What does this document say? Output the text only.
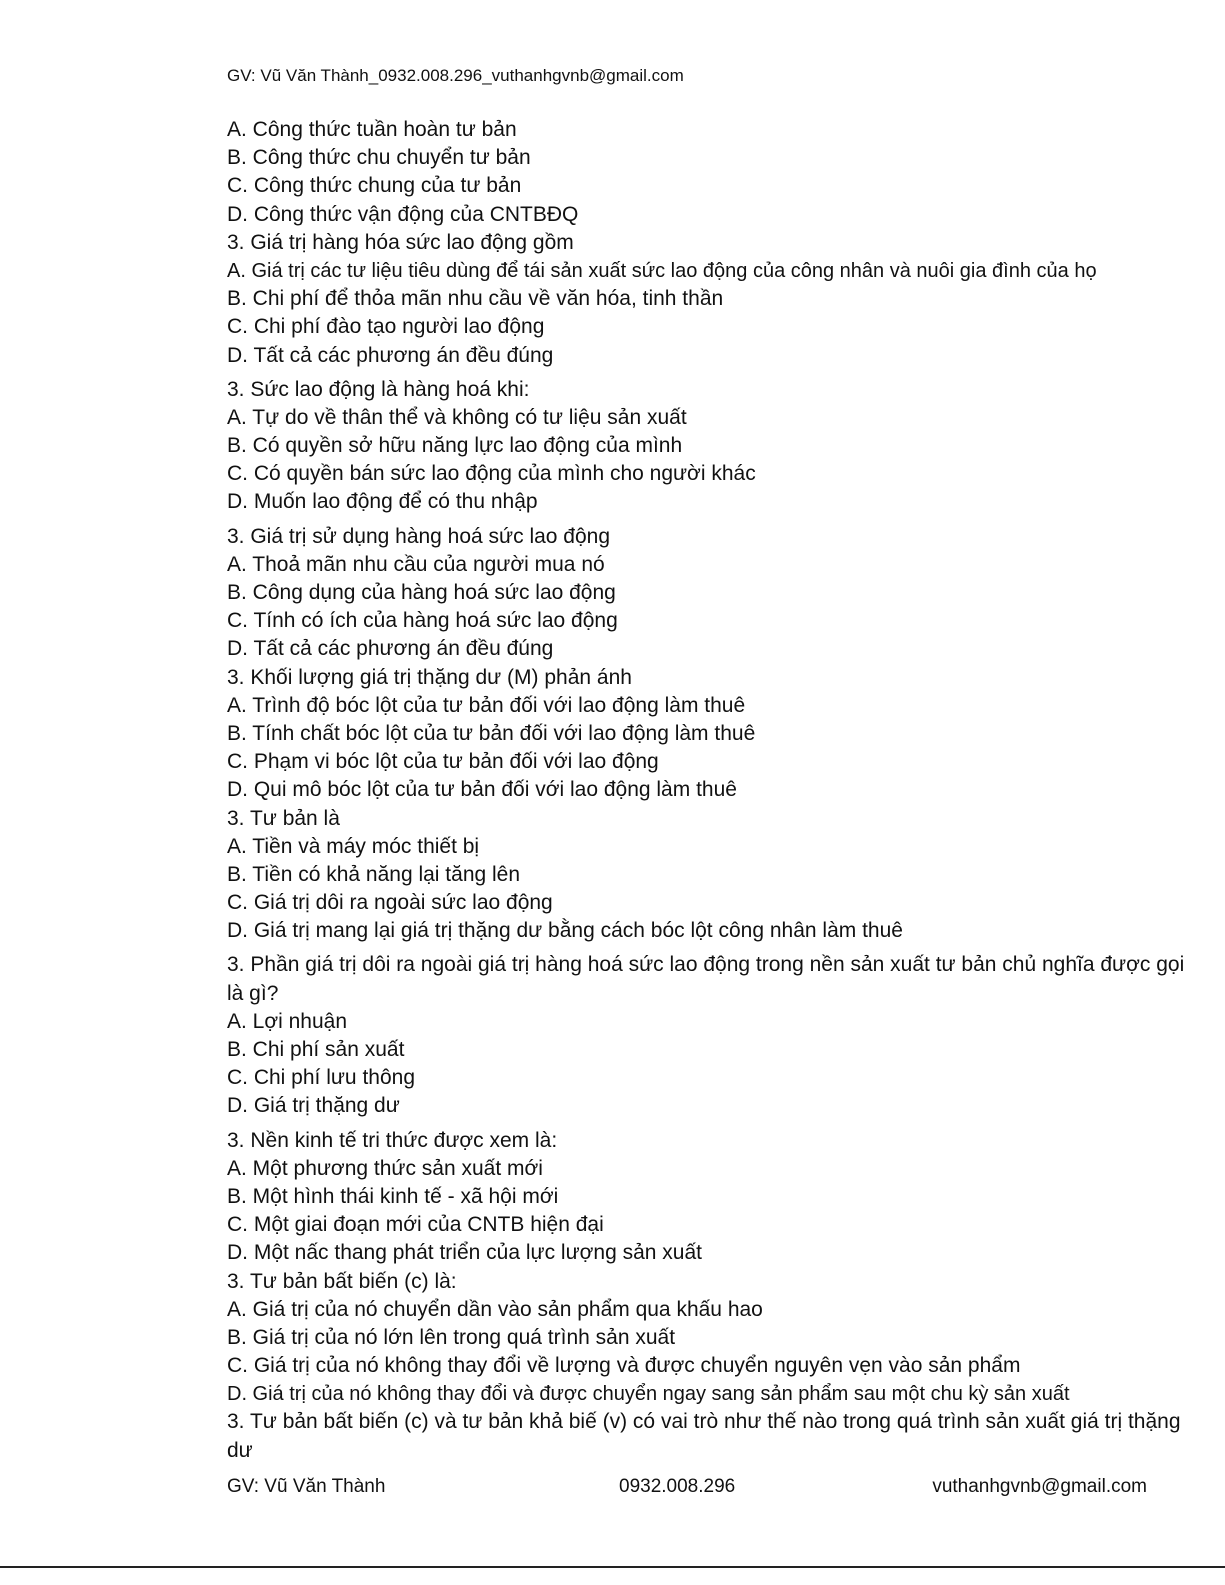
GV: Vũ Văn Thành_0932.008.296_vuthanhgvnb@gmail.com
A. Công thức tuần hoàn tư bản
B. Công thức chu chuyển tư bản
C. Công thức chung của tư bản
D. Công thức vận động của CNTBĐQ
3. Giá trị hàng hóa sức lao động gồm
A. Giá trị các tư liệu tiêu dùng để tái sản xuất sức lao động của công nhân và nuôi gia đình của họ
B. Chi phí để thỏa mãn nhu cầu về văn hóa, tinh thần
C. Chi phí đào tạo người lao động
D. Tất cả các phương án đều đúng
3. Sức lao động là hàng hoá khi:
A. Tự do về thân thể và không có tư liệu sản xuất
B. Có quyền sở hữu năng lực lao động của mình
C. Có quyền bán sức lao động của mình cho người khác
D. Muốn lao động để có thu nhập
3. Giá trị sử dụng hàng hoá sức lao động
A. Thoả mãn nhu cầu của người mua nó
B. Công dụng của hàng hoá sức lao động
C. Tính có ích của hàng hoá sức lao động
D. Tất cả các phương án đều đúng
3. Khối lượng giá trị thặng dư (M) phản ánh
A. Trình độ bóc lột của tư bản đối với lao động làm thuê
B. Tính chất bóc lột của tư bản đối với lao động làm thuê
C. Phạm vi bóc lột của tư bản đối với lao động
D. Qui mô bóc lột của tư bản đối với lao động làm thuê
3. Tư bản là
A. Tiền và máy móc thiết bị
B. Tiền có khả năng lại tăng lên
C. Giá trị dôi ra ngoài sức lao động
D. Giá trị mang lại giá trị thặng dư bằng cách bóc lột công nhân làm thuê
3. Phần giá trị dôi ra ngoài giá trị hàng hoá sức lao động trong nền sản xuất tư bản chủ nghĩa được gọi là gì?
A. Lợi nhuận
B. Chi phí sản xuất
C. Chi phí lưu thông
D. Giá trị thặng dư
3. Nền kinh tế tri thức được xem là:
A. Một phương thức sản xuất mới
B. Một hình thái kinh tế - xã hội mới
C. Một giai đoạn mới của CNTB hiện đại
D. Một nấc thang phát triển của lực lượng sản xuất
3. Tư bản bất biến (c) là:
A. Giá trị của nó chuyển dần vào sản phẩm qua khấu hao
B. Giá trị của nó lớn lên trong quá trình sản xuất
C. Giá trị của nó không thay đổi về lượng và được chuyển nguyên vẹn vào sản phẩm
D. Giá trị của nó không thay đổi và được chuyển ngay sang sản phẩm sau một chu kỳ sản xuất
3. Tư bản bất biến (c) và tư bản khả biế (v) có vai trò như thế nào trong quá trình sản xuất giá trị thặng dư
GV: Vũ Văn Thành	0932.008.296	vuthanhgvnb@gmail.com
